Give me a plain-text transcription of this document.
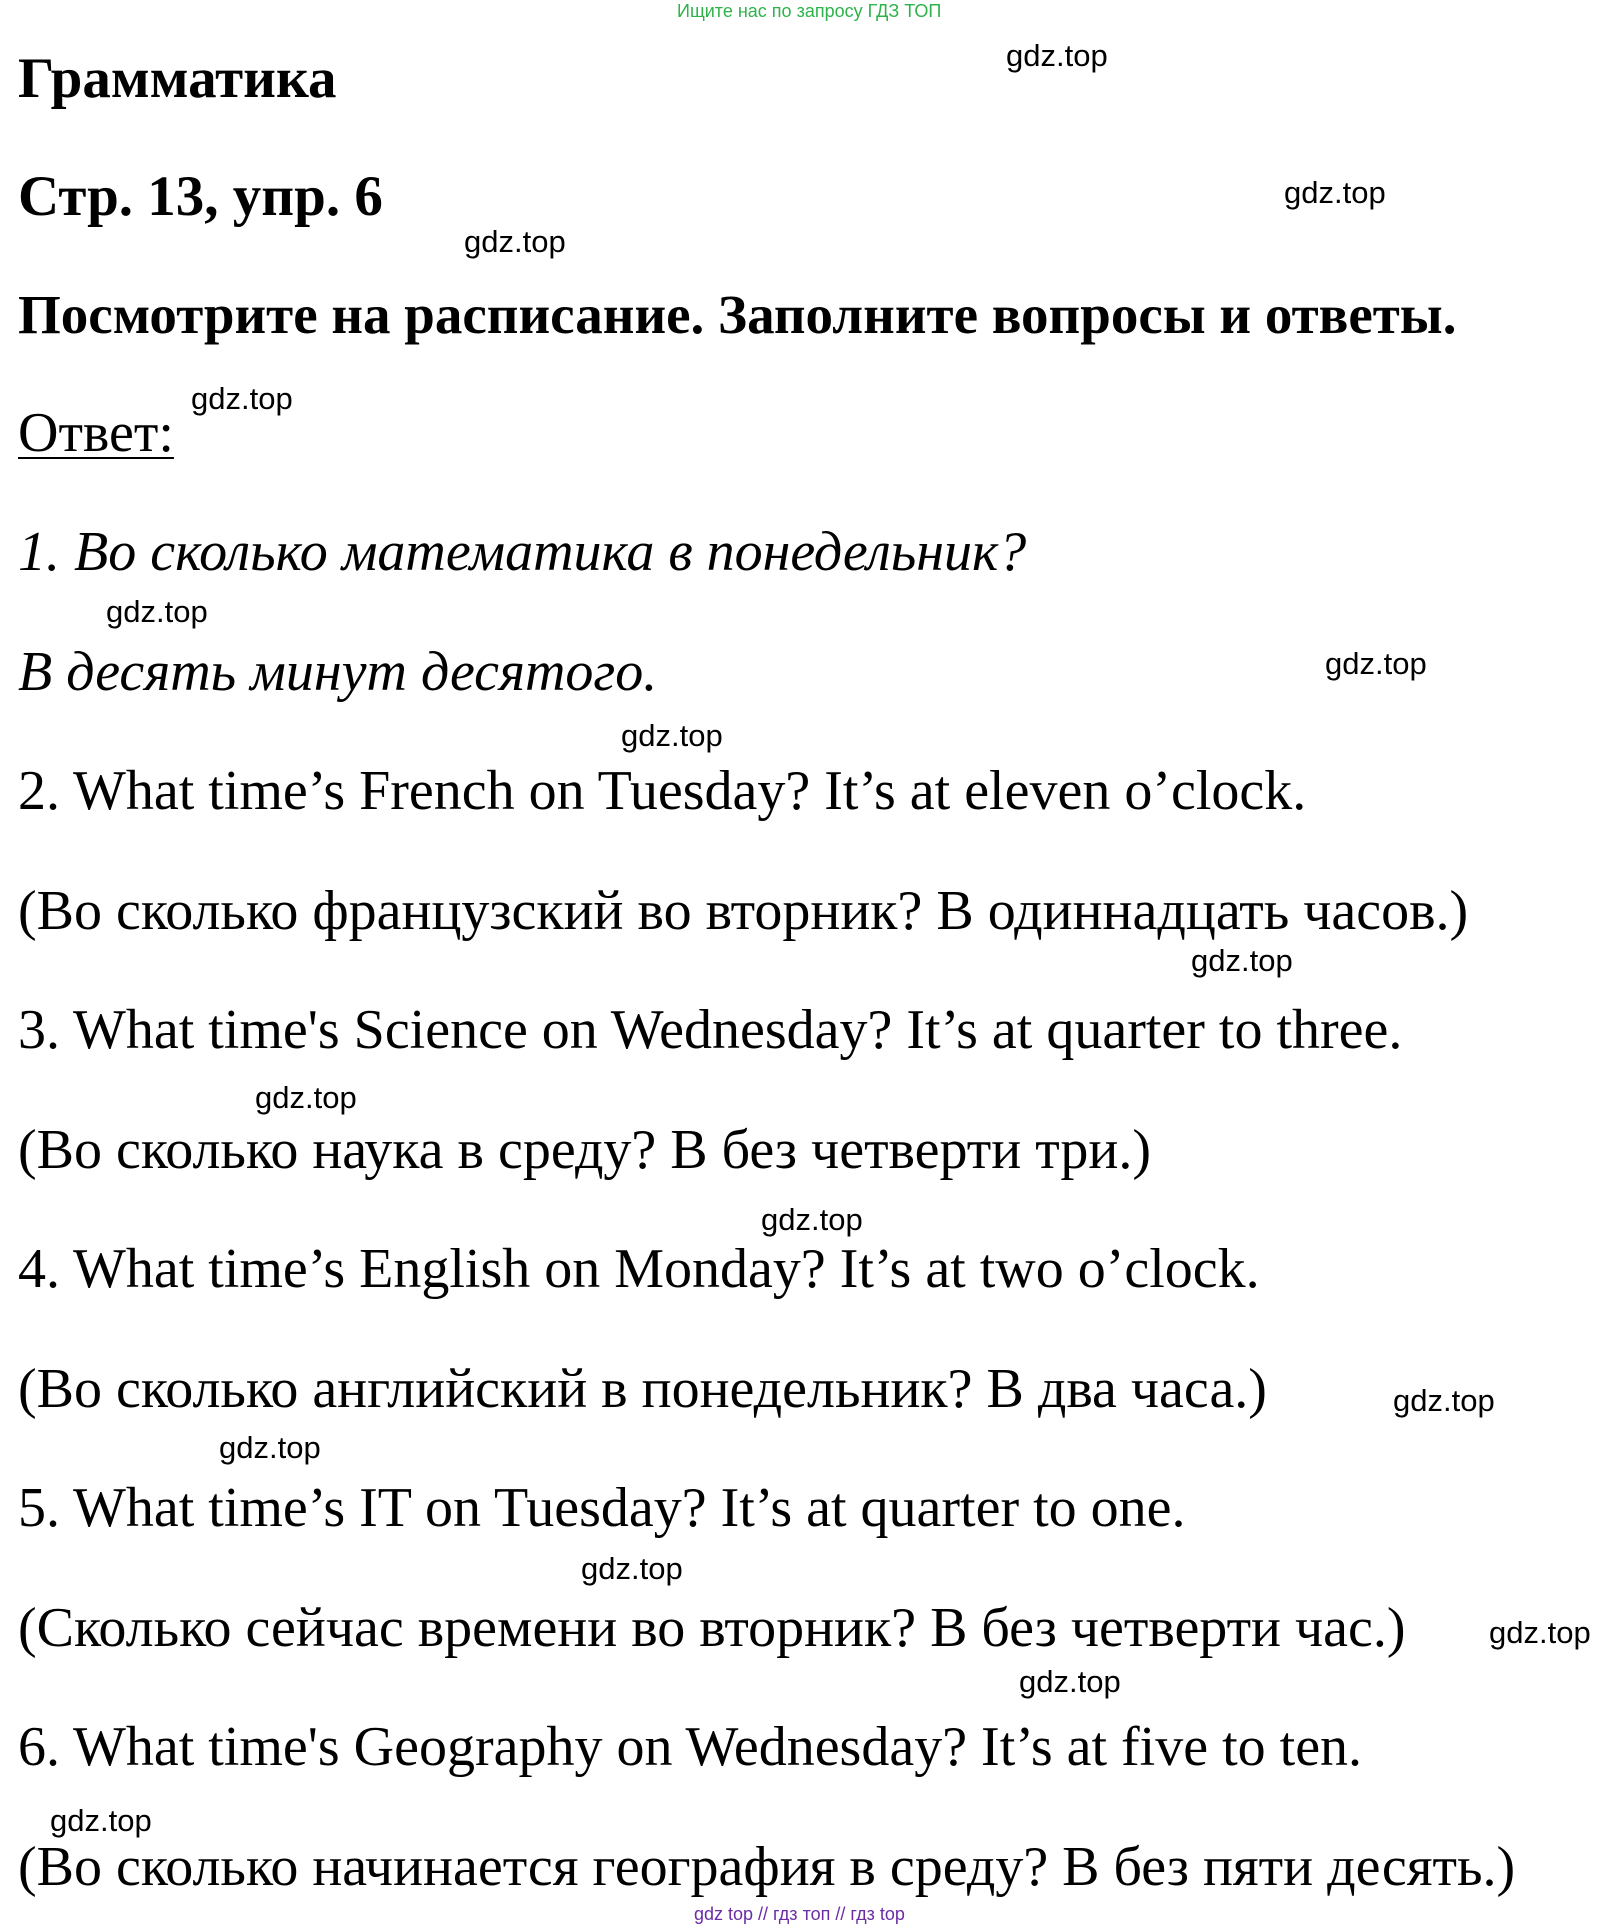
Ищите нас по запросу ГДЗ ТОП
Грамматика
Стр. 13, упр. 6
Посмотрите на расписание. Заполните вопросы и ответы.
Ответ:
1. Во сколько математика в понедельник?
В десять минут десятого.
2. What time’s French on Tuesday? It’s at eleven o’clock.
(Во сколько французский во вторник? В одиннадцать часов.)
3. What time's Science on Wednesday? It’s at quarter to three.
(Во сколько наука в среду? В без четверти три.)
4. What time’s English on Monday? It’s at two o’clock.
(Во сколько английский в понедельник? В два часа.)
5. What time’s IT on Tuesday? It’s at quarter to one.
(Сколько сейчас времени во вторник? В без четверти час.)
6. What time's Geography on Wednesday? It’s at five to ten.
(Во сколько начинается география в среду? В без пяти десять.)
gdz.top
gdz.top
gdz.top
gdz.top
gdz.top
gdz.top
gdz.top
gdz.top
gdz.top
gdz.top
gdz.top
gdz.top
gdz.top
gdz.top
gdz.top
gdz.top
gdz top // гдз топ // гдз top
